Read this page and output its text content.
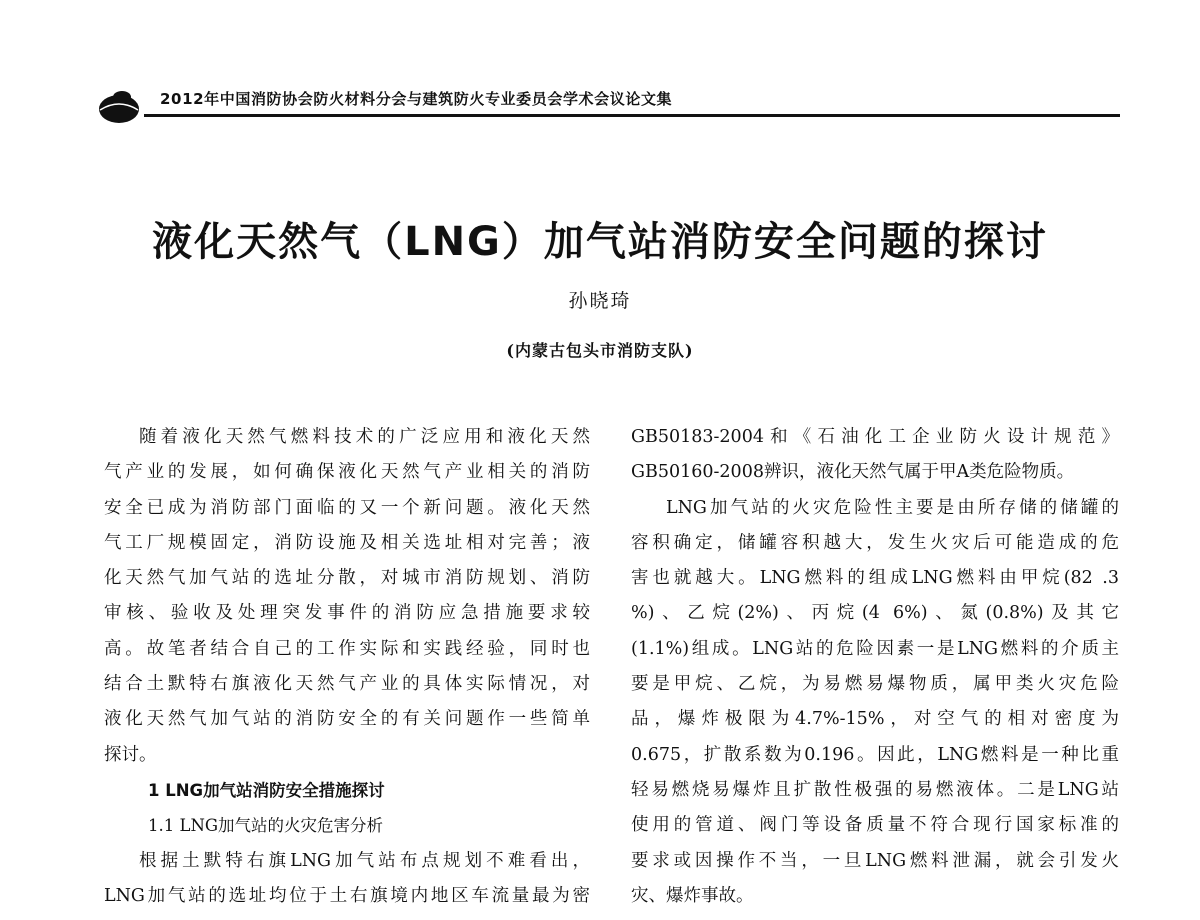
2012年中国消防协会防火材料分会与建筑防火专业委员会学术会议论文集
液化天然气（LNG）加气站消防安全问题的探讨
孙晓琦
(内蒙古包头市消防支队)
随着液化天然气燃料技术的广泛应用和液化天然
气产业的发展，如何确保液化天然气产业相关的消防
安全已成为消防部门面临的又一个新问题。液化天然
气工厂规模固定，消防设施及相关选址相对完善；液
化天然气加气站的选址分散，对城市消防规划、消防
审核、验收及处理突发事件的消防应急措施要求较
高。故笔者结合自己的工作实际和实践经验，同时也
结合土默特右旗液化天然气产业的具体实际情况，对
液化天然气加气站的消防安全的有关问题作一些简单
探讨。
1 LNG加气站消防安全措施探讨
1.1 LNG加气站的火灾危害分析
根据土默特右旗LNG加气站布点规划不难看出，
LNG加气站的选址均位于土右旗境内地区车流量最为密
GB50183-2004和《石油化工企业防火设计规范》
GB50160-2008辨识，液化天然气属于甲A类危险物质。
LNG加气站的火灾危险性主要是由所存储的储罐的
容积确定，储罐容积越大，发生火灾后可能造成的危
害也就越大。LNG燃料的组成LNG燃料由甲烷(82 .3
%)、乙烷(2%)、丙烷(4 6%)、氮(0.8%)及其它
(1.1%)组成。LNG站的危险因素一是LNG燃料的介质主
要是甲烷、乙烷，为易燃易爆物质，属甲类火灾危险
品，爆炸极限为4.7%-15%，对空气的相对密度为
0.675，扩散系数为0.196。因此，LNG燃料是一种比重
轻易燃烧易爆炸且扩散性极强的易燃液体。二是LNG站
使用的管道、阀门等设备质量不符合现行国家标准的
要求或因操作不当，一旦LNG燃料泄漏，就会引发火
灾、爆炸事故。
